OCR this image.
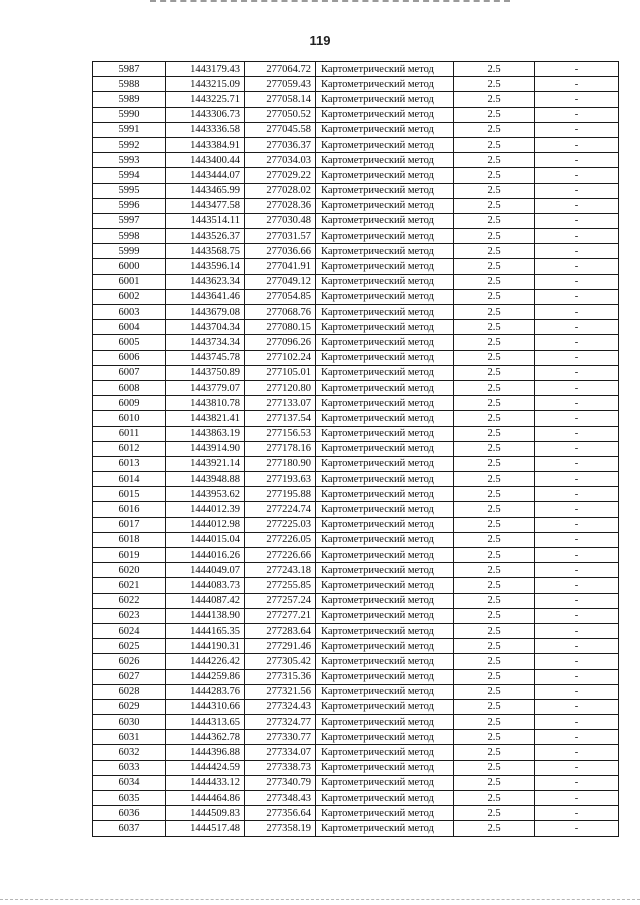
119
5987	1443179.43	277064.72	Картометрический метод	2.5	-
5988	1443215.09	277059.43	Картометрический метод	2.5	-
5989	1443225.71	277058.14	Картометрический метод	2.5	-
5990	1443306.73	277050.52	Картометрический метод	2.5	-
5991	1443336.58	277045.58	Картометрический метод	2.5	-
5992	1443384.91	277036.37	Картометрический метод	2.5	-
5993	1443400.44	277034.03	Картометрический метод	2.5	-
5994	1443444.07	277029.22	Картометрический метод	2.5	-
5995	1443465.99	277028.02	Картометрический метод	2.5	-
5996	1443477.58	277028.36	Картометрический метод	2.5	-
5997	1443514.11	277030.48	Картометрический метод	2.5	-
5998	1443526.37	277031.57	Картометрический метод	2.5	-
5999	1443568.75	277036.66	Картометрический метод	2.5	-
6000	1443596.14	277041.91	Картометрический метод	2.5	-
6001	1443623.34	277049.12	Картометрический метод	2.5	-
6002	1443641.46	277054.85	Картометрический метод	2.5	-
6003	1443679.08	277068.76	Картометрический метод	2.5	-
6004	1443704.34	277080.15	Картометрический метод	2.5	-
6005	1443734.34	277096.26	Картометрический метод	2.5	-
6006	1443745.78	277102.24	Картометрический метод	2.5	-
6007	1443750.89	277105.01	Картометрический метод	2.5	-
6008	1443779.07	277120.80	Картометрический метод	2.5	-
6009	1443810.78	277133.07	Картометрический метод	2.5	-
6010	1443821.41	277137.54	Картометрический метод	2.5	-
6011	1443863.19	277156.53	Картометрический метод	2.5	-
6012	1443914.90	277178.16	Картометрический метод	2.5	-
6013	1443921.14	277180.90	Картометрический метод	2.5	-
6014	1443948.88	277193.63	Картометрический метод	2.5	-
6015	1443953.62	277195.88	Картометрический метод	2.5	-
6016	1444012.39	277224.74	Картометрический метод	2.5	-
6017	1444012.98	277225.03	Картометрический метод	2.5	-
6018	1444015.04	277226.05	Картометрический метод	2.5	-
6019	1444016.26	277226.66	Картометрический метод	2.5	-
6020	1444049.07	277243.18	Картометрический метод	2.5	-
6021	1444083.73	277255.85	Картометрический метод	2.5	-
6022	1444087.42	277257.24	Картометрический метод	2.5	-
6023	1444138.90	277277.21	Картометрический метод	2.5	-
6024	1444165.35	277283.64	Картометрический метод	2.5	-
6025	1444190.31	277291.46	Картометрический метод	2.5	-
6026	1444226.42	277305.42	Картометрический метод	2.5	-
6027	1444259.86	277315.36	Картометрический метод	2.5	-
6028	1444283.76	277321.56	Картометрический метод	2.5	-
6029	1444310.66	277324.43	Картометрический метод	2.5	-
6030	1444313.65	277324.77	Картометрический метод	2.5	-
6031	1444362.78	277330.77	Картометрический метод	2.5	-
6032	1444396.88	277334.07	Картометрический метод	2.5	-
6033	1444424.59	277338.73	Картометрический метод	2.5	-
6034	1444433.12	277340.79	Картометрический метод	2.5	-
6035	1444464.86	277348.43	Картометрический метод	2.5	-
6036	1444509.83	277356.64	Картометрический метод	2.5	-
6037	1444517.48	277358.19	Картометрический метод	2.5	-
